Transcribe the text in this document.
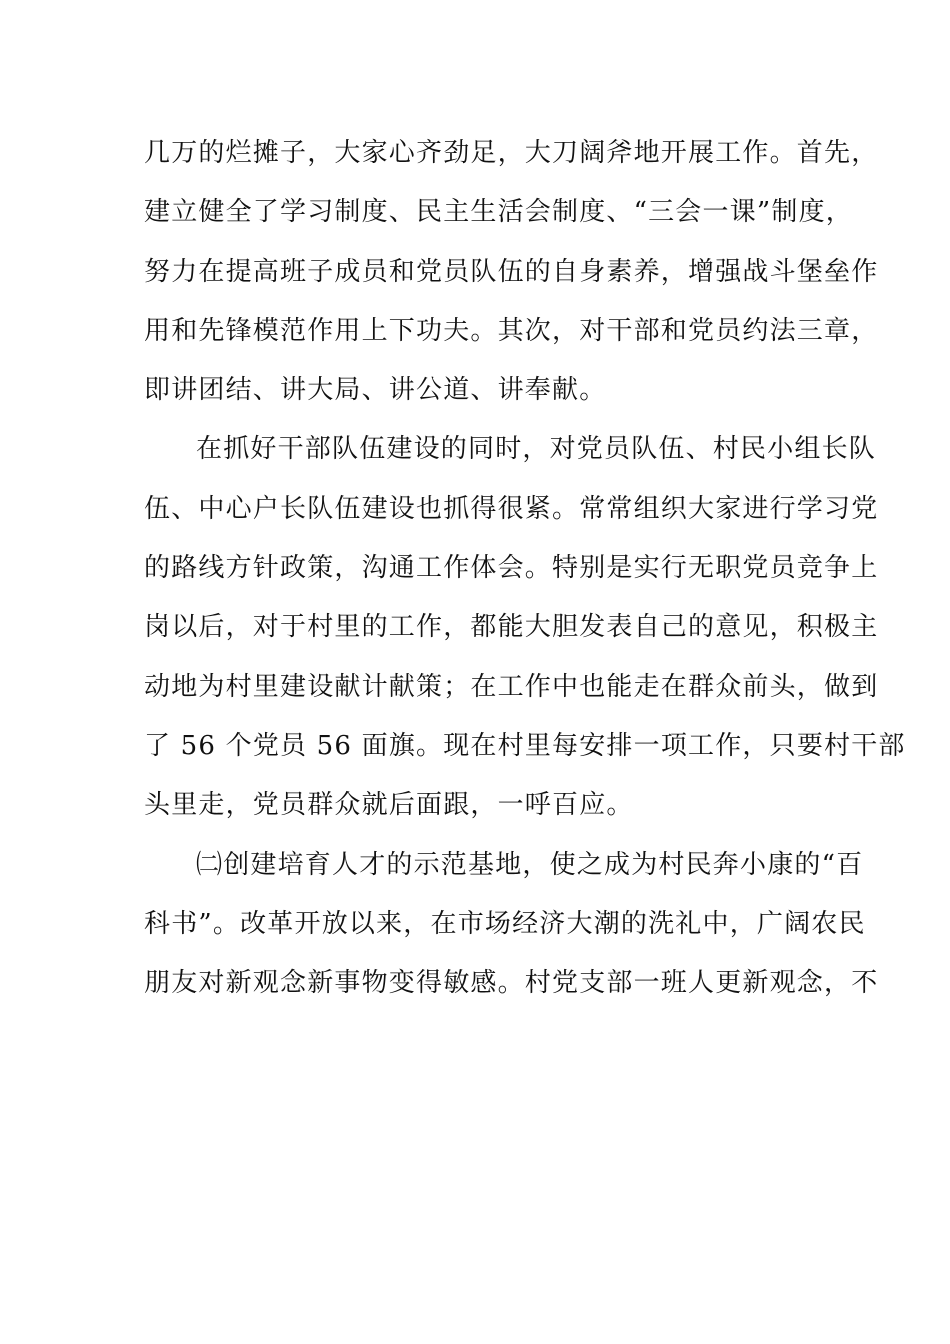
几万的烂摊子，大家心齐劲足，大刀阔斧地开展工作。首先，
建立健全了学习制度、民主生活会制度、“三会一课”制度，
努力在提高班子成员和党员队伍的自身素养，增强战斗堡垒作
用和先锋模范作用上下功夫。其次，对干部和党员约法三章，
即讲团结、讲大局、讲公道、讲奉献。
在抓好干部队伍建设的同时，对党员队伍、村民小组长队
伍、中心户长队伍建设也抓得很紧。常常组织大家进行学习党
的路线方针政策，沟通工作体会。特别是实行无职党员竞争上
岗以后，对于村里的工作，都能大胆发表自己的意见，积极主
动地为村里建设献计献策；在工作中也能走在群众前头，做到
了 56 个党员 56 面旗。现在村里每安排一项工作，只要村干部
头里走，党员群众就后面跟，一呼百应。
㈡创建培育人才的示范基地，使之成为村民奔小康的“百
科书”。改革开放以来，在市场经济大潮的洗礼中，广阔农民
朋友对新观念新事物变得敏感。村党支部一班人更新观念，不
